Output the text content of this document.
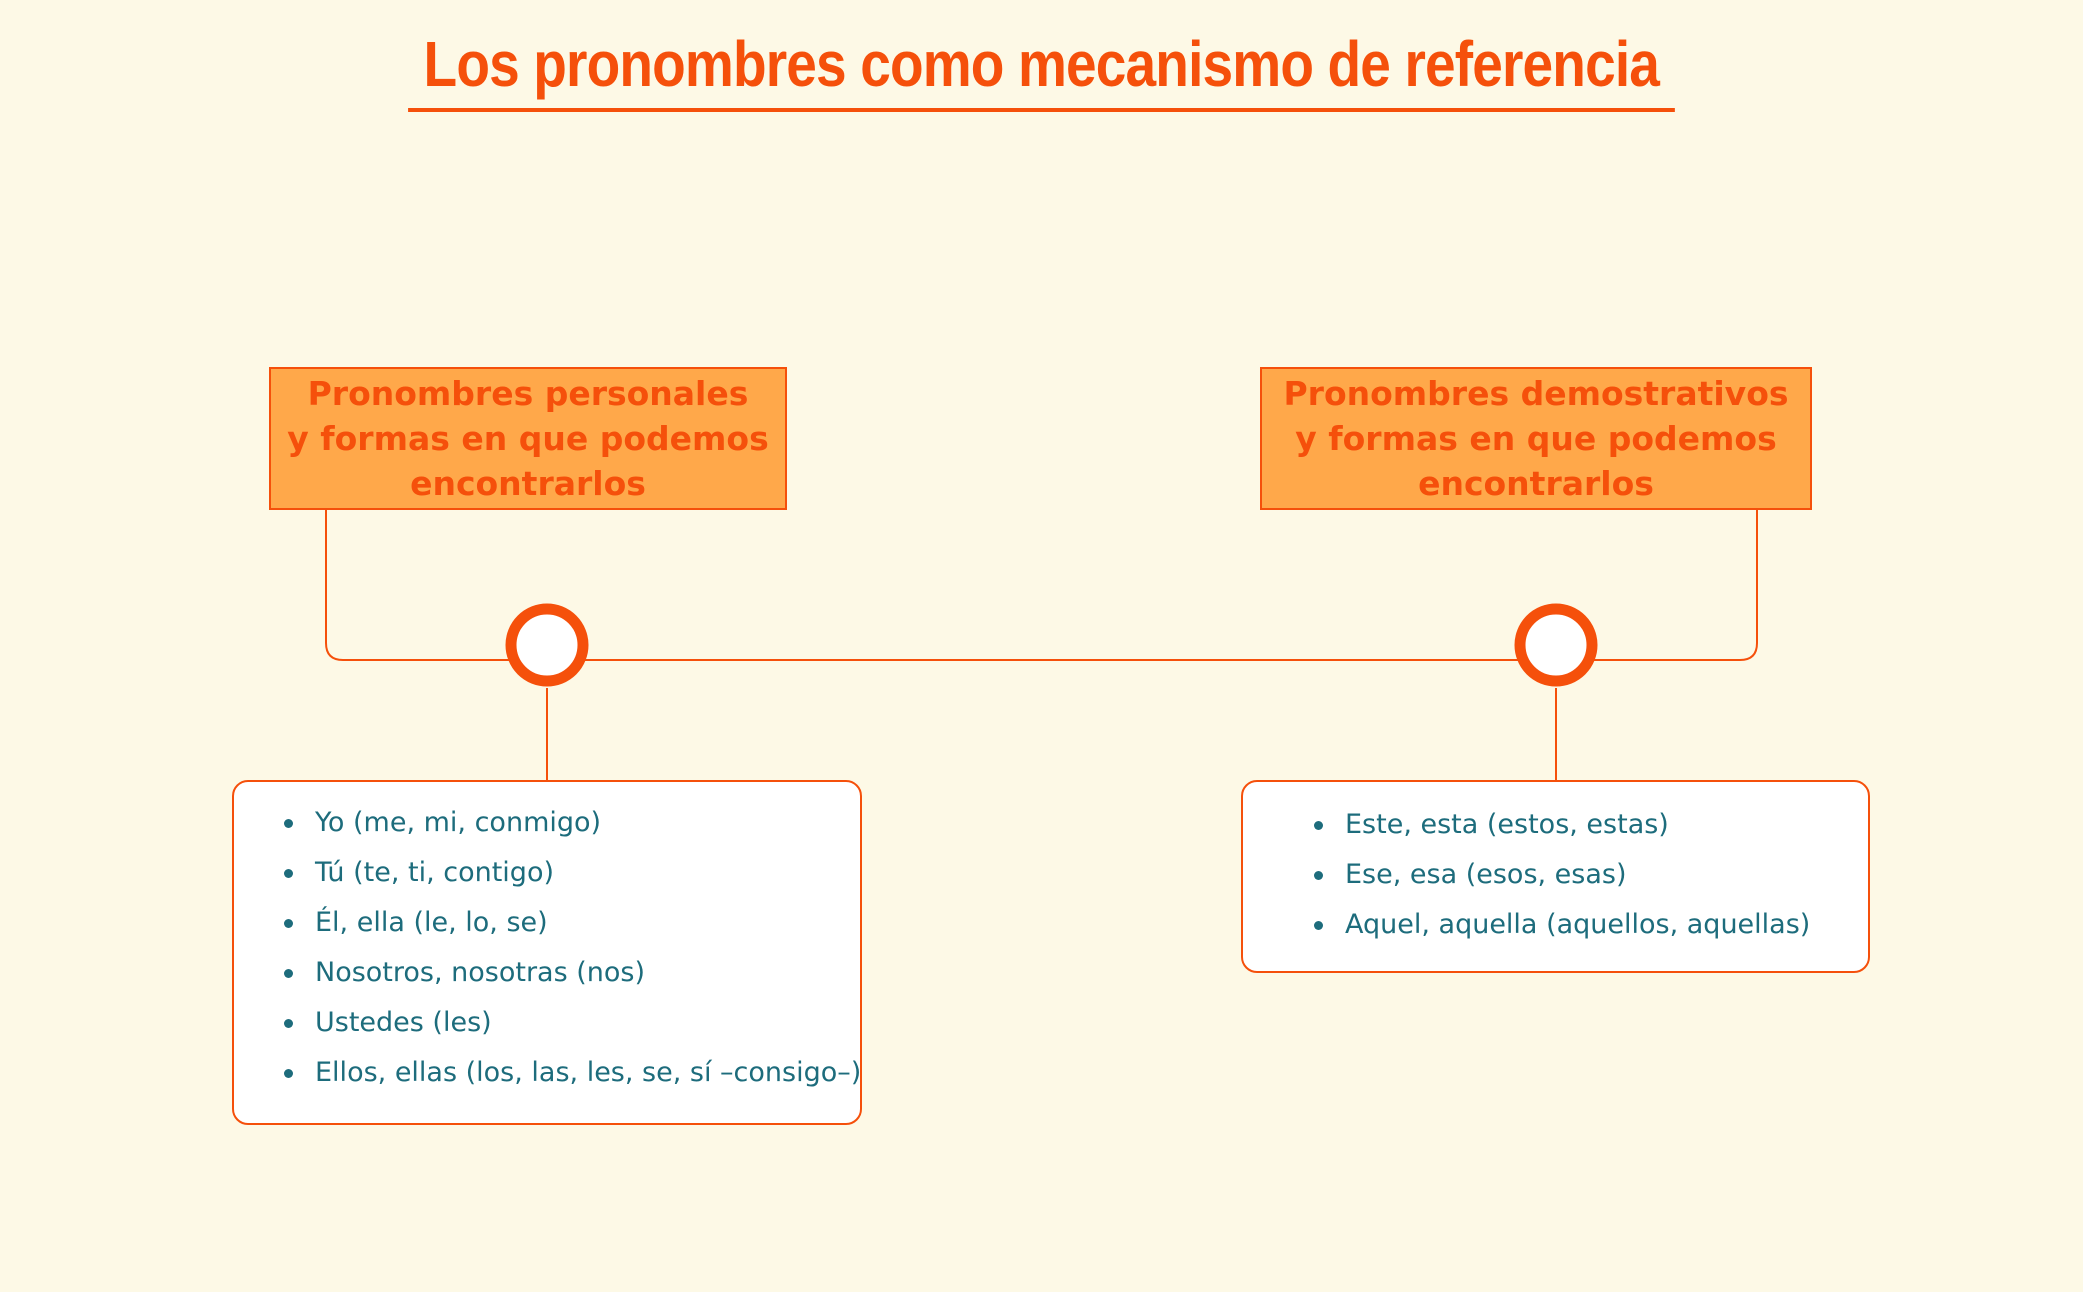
Los pronombres como mecanismo de referencia
Pronombres personales
y formas en que podemos
encontrarlos
Pronombres demostrativos
y formas en que podemos
encontrarlos
Yo (me, mi, conmigo)
Tú (te, ti, contigo)
Él, ella (le, lo, se)
Nosotros, nosotras (nos)
Ustedes (les)
Ellos, ellas (los, las, les, se, sí –consigo–)
Este, esta (estos, estas)
Ese, esa (esos, esas)
Aquel, aquella (aquellos, aquellas)
